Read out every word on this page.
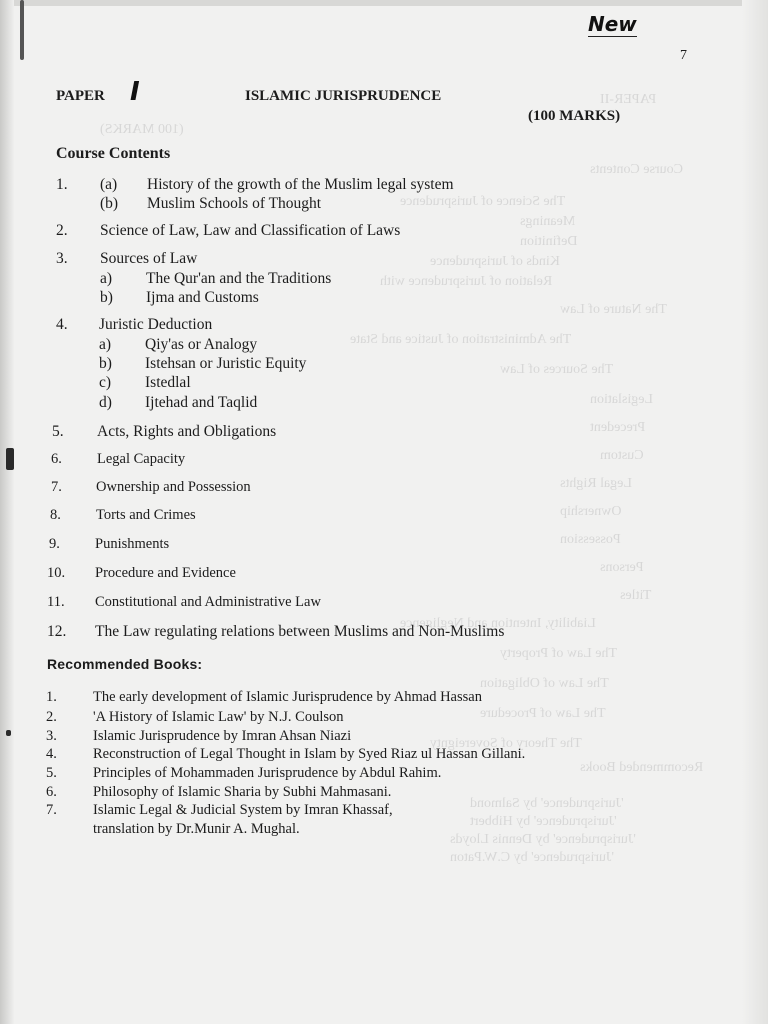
PAPER-II
(100 MARKS)
Course Contents
The Science of Jurisprudence
Meanings
Definition
Kinds of Jurisprudence
Relation of Jurisprudence with
The Nature of Law
The Administration of Justice and State
The Sources of Law
Legislation
Precedent
Custom
Legal Rights
Ownership
Possession
Persons
Titles
Liability, Intention and Negligence
The Law of Property
The Law of Obligation
The Law of Procedure
The Theory of Sovereignty
Recommended Books
'Jurisprudence' by Salmond
'Jurisprudence' by Hibbert
'Jurisprudence' by Dennis Lloyds
'Jurisprudence' by C.W.Paton
New
7
PAPER I	ISLAMIC JURISPRUDENCE
(100 MARKS)
Course Contents
1. (a) History of the growth of the Muslim legal system
(b) Muslim Schools of Thought
2. Science of Law, Law and Classification of Laws
3. Sources of Law
a) The Qur'an and the Traditions
b) Ijma and Customs
4. Juristic Deduction
a) Qiy'as or Analogy
b) Istehsan or Juristic Equity
c) Istedlal
d) Ijtehad and Taqlid
5. Acts, Rights and Obligations
6. Legal Capacity
7. Ownership and Possession
8. Torts and Crimes
9. Punishments
10. Procedure and Evidence
11. Constitutional and Administrative Law
12. The Law regulating relations between Muslims and Non-Muslims
Recommended Books:
1. The early development of Islamic Jurisprudence by Ahmad Hassan
2. 'A History of Islamic Law' by N.J. Coulson
3. Islamic Jurisprudence by Imran Ahsan Niazi
4. Reconstruction of Legal Thought in Islam by Syed Riaz ul Hassan Gillani.
5. Principles of Mohammaden Jurisprudence by Abdul Rahim.
6. Philosophy of Islamic Sharia by Subhi Mahmasani.
7. Islamic Legal & Judicial System by Imran Khassaf,
translation by Dr.Munir A. Mughal.
